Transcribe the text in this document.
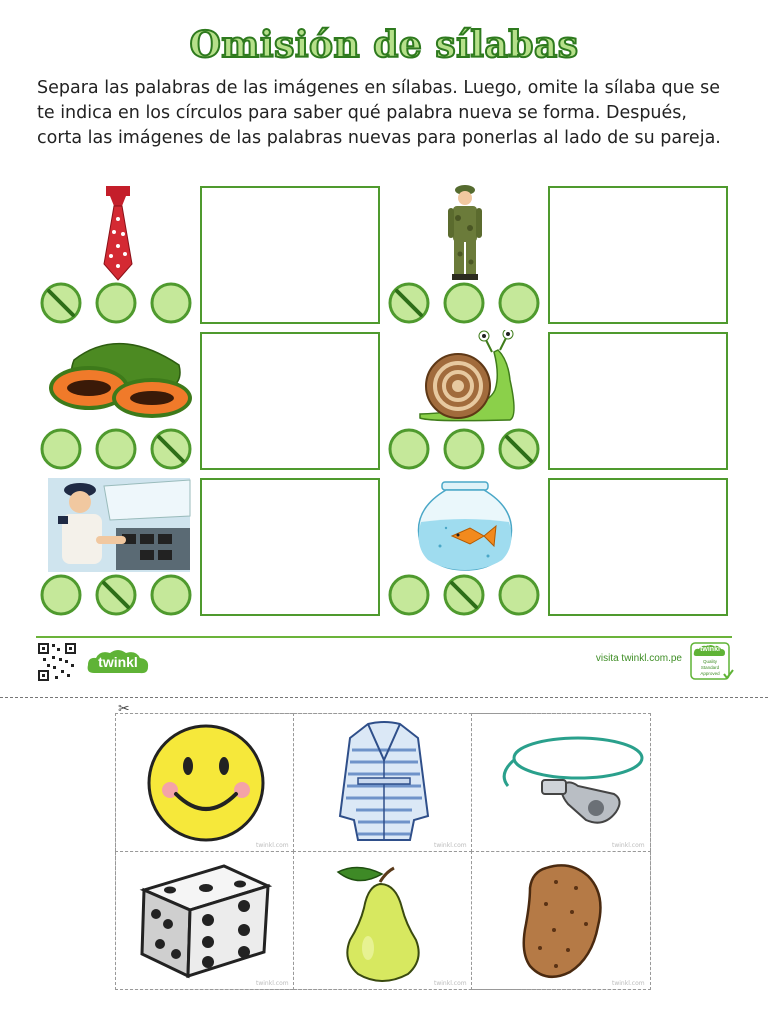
Omisión de sílabas
Separa las palabras de las imágenes en sílabas. Luego, omite la sílaba que se te indica en los círculos para saber qué palabra nueva se forma. Después, corta las imágenes de las palabras nuevas para ponerlas al lado de su pareja.
twinkl	visita twinkl.com.pe
twinkl
Quality Standard Approved
✂
twinkl.com	twinkl.com	twinkl.com
twinkl.com	twinkl.com	twinkl.com
